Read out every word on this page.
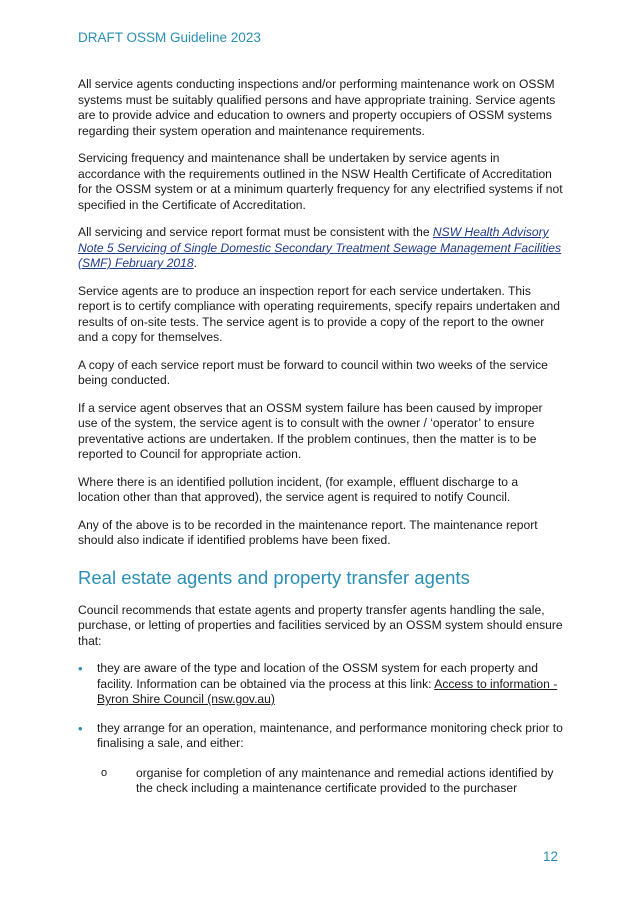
DRAFT OSSM Guideline 2023

All service agents conducting inspections and/or performing maintenance work on OSSM systems must be suitably qualified persons and have appropriate training. Service agents are to provide advice and education to owners and property occupiers of OSSM systems regarding their system operation and maintenance requirements.

Servicing frequency and maintenance shall be undertaken by service agents in accordance with the requirements outlined in the NSW Health Certificate of Accreditation for the OSSM system or at a minimum quarterly frequency for any electrified systems if not specified in the Certificate of Accreditation.

All servicing and service report format must be consistent with the NSW Health Advisory Note 5 Servicing of Single Domestic Secondary Treatment Sewage Management Facilities (SMF) February 2018.

Service agents are to produce an inspection report for each service undertaken. This report is to certify compliance with operating requirements, specify repairs undertaken and results of on-site tests. The service agent is to provide a copy of the report to the owner and a copy for themselves.

A copy of each service report must be forward to council within two weeks of the service being conducted.

If a service agent observes that an OSSM system failure has been caused by improper use of the system, the service agent is to consult with the owner / ‘operator’ to ensure preventative actions are undertaken. If the problem continues, then the matter is to be reported to Council for appropriate action.

Where there is an identified pollution incident, (for example, effluent discharge to a location other than that approved), the service agent is required to notify Council.

Any of the above is to be recorded in the maintenance report. The maintenance report should also indicate if identified problems have been fixed.

Real estate agents and property transfer agents

Council recommends that estate agents and property transfer agents handling the sale, purchase, or letting of properties and facilities serviced by an OSSM system should ensure that:

• they are aware of the type and location of the OSSM system for each property and facility. Information can be obtained via the process at this link: Access to information - Byron Shire Council (nsw.gov.au)
• they arrange for an operation, maintenance, and performance monitoring check prior to finalising a sale, and either:
o organise for completion of any maintenance and remedial actions identified by the check including a maintenance certificate provided to the purchaser
12
